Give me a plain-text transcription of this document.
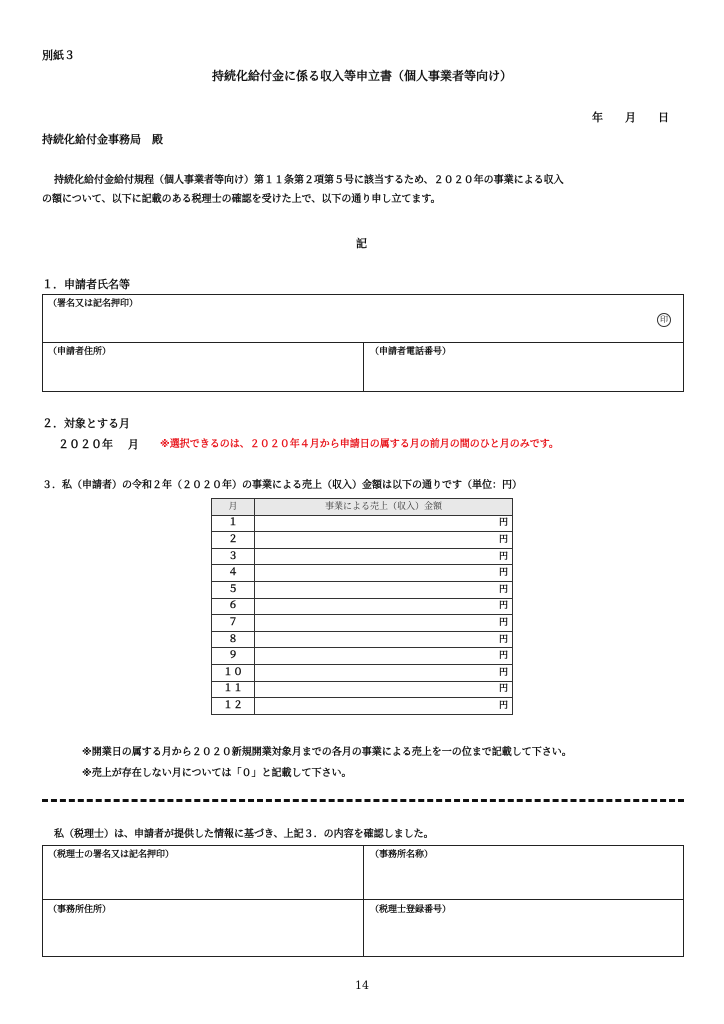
別紙３
持続化給付金に係る収入等申立書（個人事業者等向け）
年　　月　　日
持続化給付金事務局　殿
持続化給付金給付規程（個人事業者等向け）第１１条第２項第５号に該当するため、２０２０年の事業による収入
の額について、以下に記載のある税理士の確認を受けた上で、以下の通り申し立てます。
記
１．申請者氏名等
（署名又は記名押印）
（申請者住所）	（申請者電話番号）
印
２．対象とする月
２０２０年　 月 ※選択できるのは、２０２０年４月から申請日の属する月の前月の間のひと月のみです。
３．私（申請者）の令和２年（２０２０年）の事業による売上（収入）金額は以下の通りです（単位：円）
月	事業による売上（収入）金額
１	円
２	円
３	円
４	円
５	円
６	円
７	円
８	円
９	円
１０	円
１１	円
１２	円
※開業日の属する月から２０２０新規開業対象月までの各月の事業による売上を一の位まで記載して下さい。
※売上が存在しない月については「０」と記載して下さい。
私（税理士）は、申請者が提供した情報に基づき、上記３．の内容を確認しました。
（税理士の署名又は記名押印）	（事務所名称）
（事務所住所）	（税理士登録番号）
14
